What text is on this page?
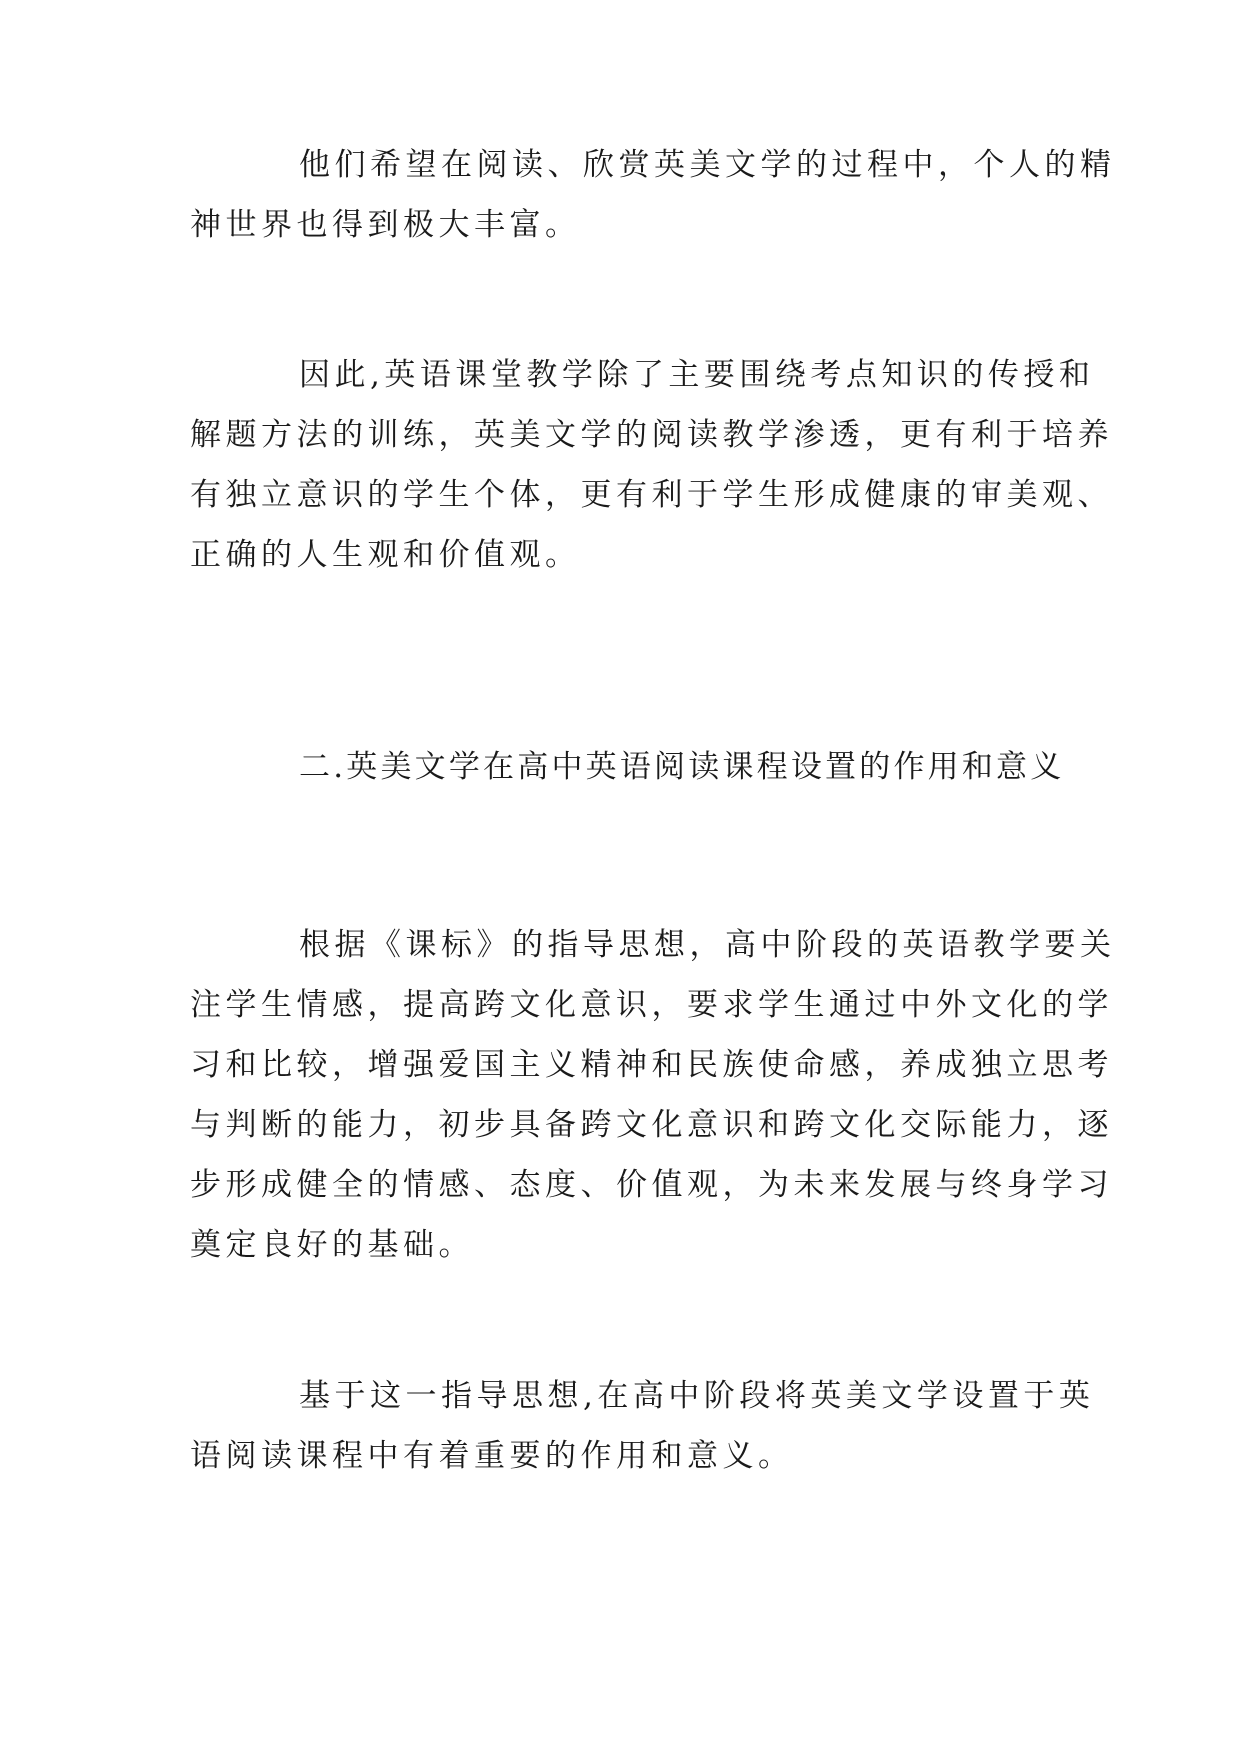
他们希望在阅读、欣赏英美文学的过程中，个人的精
神世界也得到极大丰富。

因此,英语课堂教学除了主要围绕考点知识的传授和
解题方法的训练，英美文学的阅读教学渗透，更有利于培养
有独立意识的学生个体，更有利于学生形成健康的审美观、
正确的人生观和价值观。

二.英美文学在高中英语阅读课程设置的作用和意义

根据《课标》的指导思想，高中阶段的英语教学要关
注学生情感，提高跨文化意识，要求学生通过中外文化的学
习和比较，增强爱国主义精神和民族使命感，养成独立思考
与判断的能力，初步具备跨文化意识和跨文化交际能力，逐
步形成健全的情感、态度、价值观，为未来发展与终身学习
奠定良好的基础。

基于这一指导思想,在高中阶段将英美文学设置于英
语阅读课程中有着重要的作用和意义。
